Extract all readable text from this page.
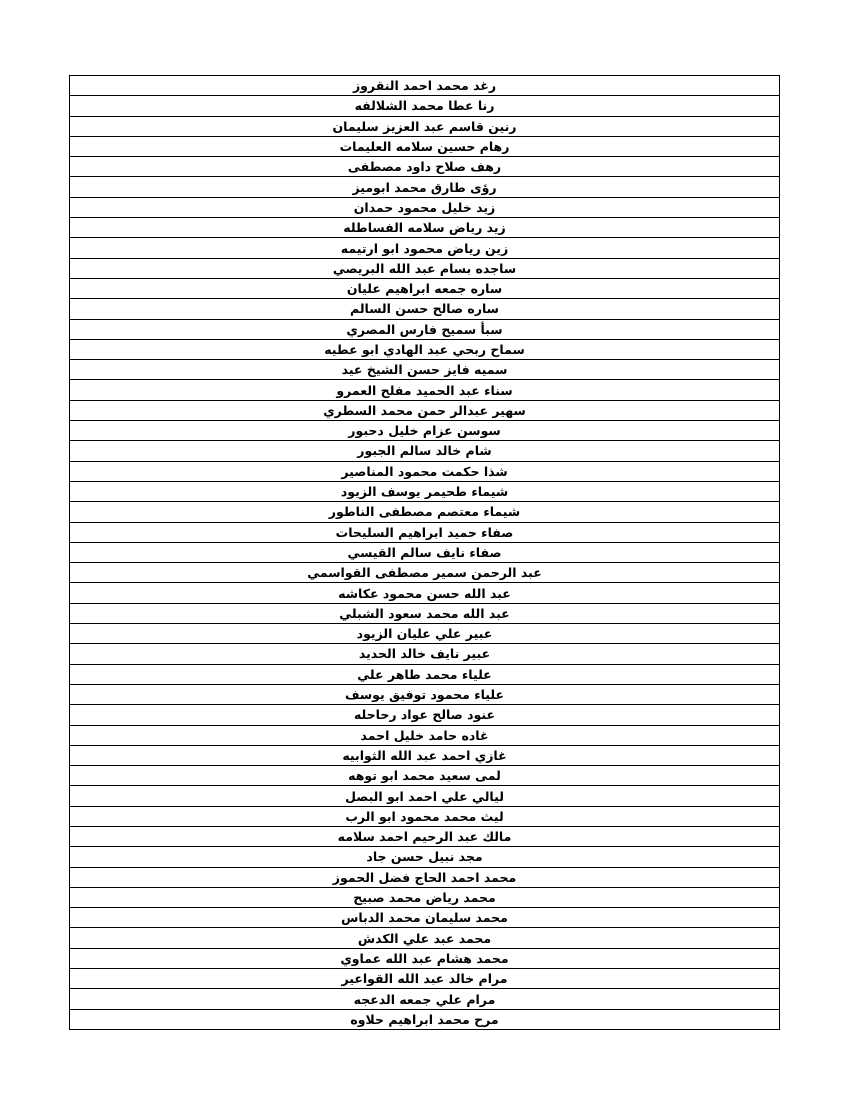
رغد محمد احمد النقروز
رنا عطا محمد الشلالفه
رنين قاسم عبد العزيز سليمان
رهام حسين سلامه العليمات
رهف صلاح داود مصطفى
رؤى طارق محمد ابوميز
زيد خليل محمود حمدان
زيد رياض سلامه الفساطله
زين رياض محمود ابو ارتيمه
ساجده بسام عبد الله البريصي
ساره جمعه ابراهيم عليان
ساره صالح حسن السالم
سبأ سميح فارس المصري
سماح ربحي عبد الهادي ابو عطيه
سميه فايز حسن الشيخ عيد
سناء عبد الحميد مفلح العمرو
سهير عبدالر حمن محمد السطري
سوسن عزام خليل دحبور
شام خالد سالم الجبور
شذا حكمت محمود المناصير
شيماء طحيمر يوسف الزيود
شيماء معتصم مصطفى الناطور
صفاء حميد ابراهيم السليحات
صفاء نايف سالم القيسي
عبد الرحمن سمير مصطفى القواسمي
عبد الله حسن محمود عكاشه
عبد الله محمد سعود الشبلي
عبير علي عليان الزيود
عبير نايف خالد الحديد
علياء محمد طاهر علي
علياء محمود توفيق يوسف
عنود صالح عواد رحاحله
غاده حامد خليل احمد
غازي احمد عبد الله الثوابيه
لمى سعيد محمد ابو توهه
ليالي علي احمد ابو البصل
ليث محمد محمود ابو الرب
مالك عبد الرحيم احمد سلامه
مجد نبيل حسن جاد
محمد احمد الحاج فضل الحموز
محمد رياض محمد صبيح
محمد سليمان محمد الدباس
محمد عبد علي الكدش
محمد هشام عبد الله عماوي
مرام خالد عبد الله القواعير
مرام علي جمعه الدعجه
مرح محمد ابراهيم حلاوه
